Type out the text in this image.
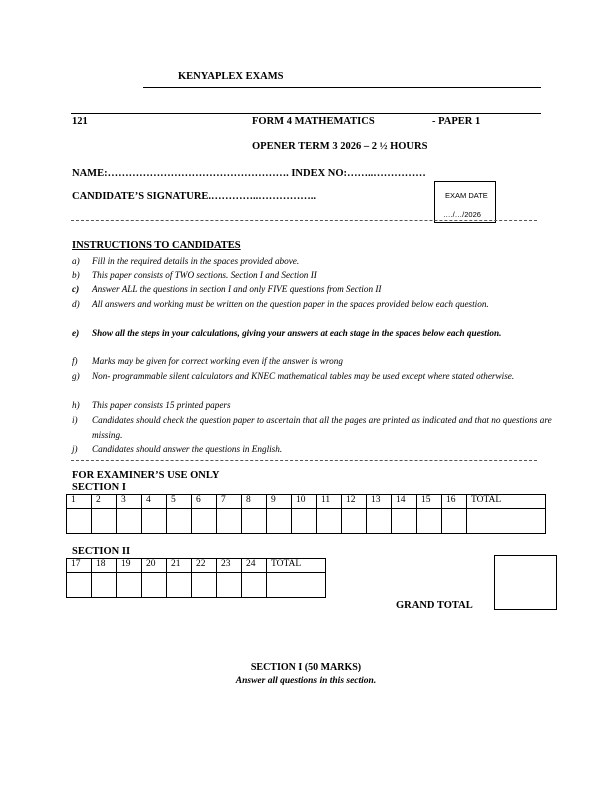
KENYAPLEX EXAMS
121	FORM 4 MATHEMATICS	- PAPER 1
OPENER TERM 3 2026 – 2 ½ HOURS
NAME:……………………………………………. INDEX NO:……..……………
CANDIDATE’S SIGNATURE.…………..……………..	EXAM DATE
…./…/2026
INSTRUCTIONS TO CANDIDATES
a) Fill in the required details in the spaces provided above.
b) This paper consists of TWO sections. Section I and Section II
c) Answer ALL the questions in section I and only FIVE questions from Section II
d) All answers and working must be written on the question paper in the spaces provided below each question.
e) Show all the steps in your calculations, giving your answers at each stage in the spaces below each question.
f) Marks may be given for correct working even if the answer is wrong
g) Non- programmable silent calculators and KNEC mathematical tables may be used except where stated otherwise.
h) This paper consists 15 printed papers
i) Candidates should check the question paper to ascertain that all the pages are printed as indicated and that no questions are missing.
j) Candidates should answer the questions in English.
FOR EXAMINER’S USE ONLY
SECTION I
1	2	3	4	5	6	7	8	9	10	11	12	13	14	15	16	TOTAL

SECTION II
17	18	19	20	21	22	23	24	TOTAL

GRAND TOTAL
SECTION I (50 MARKS)
Answer all questions in this section.
